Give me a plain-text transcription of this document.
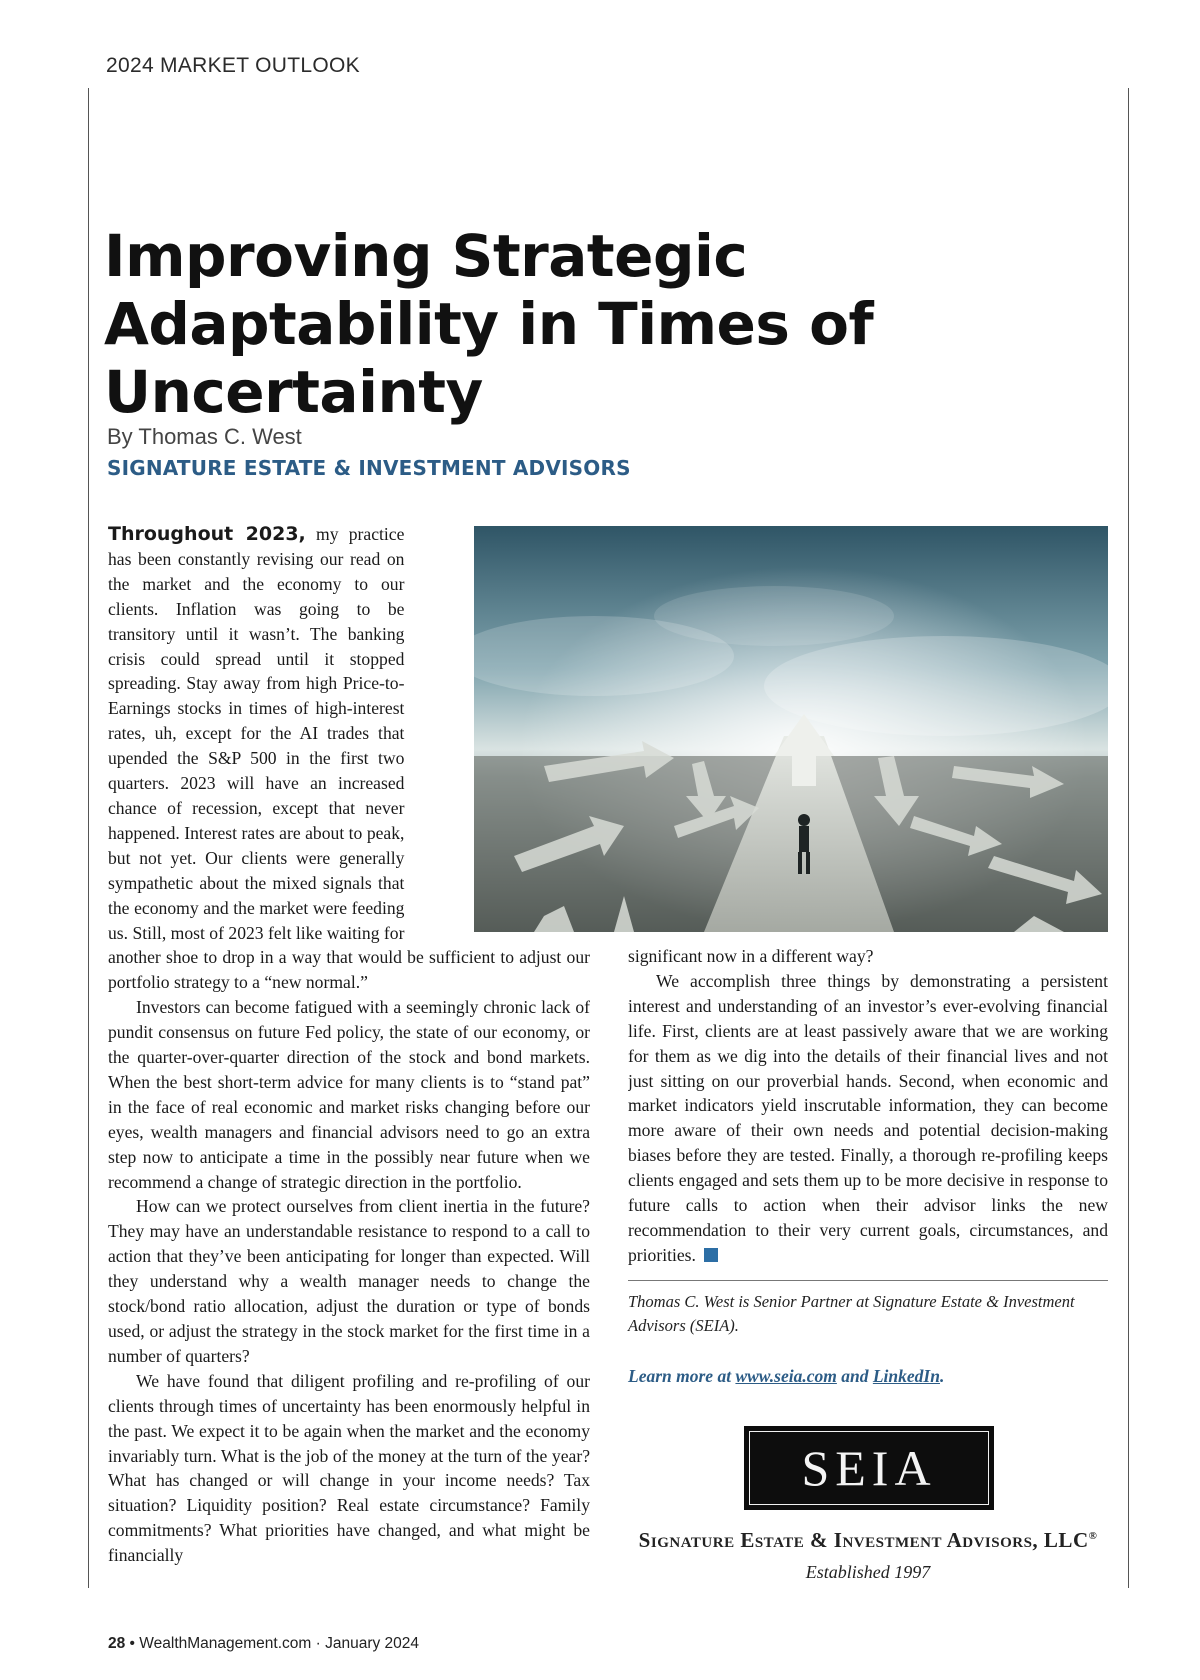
2024 MARKET OUTLOOK
Improving Strategic Adaptability in Times of Uncertainty
By Thomas C. West
SIGNATURE ESTATE & INVESTMENT ADVISORS

Throughout 2023, my practice has been constantly revising our read on the market and the economy to our clients. Inflation was going to be transitory until it wasn’t. The banking crisis could spread until it stopped spreading. Stay away from high Price-to-Earnings stocks in times of high-interest rates, uh, except for the AI trades that upended the S&P 500 in the first two quarters. 2023 will have an increased chance of recession, except that never happened. Interest rates are about to peak, but not yet. Our clients were generally sympathetic about the mixed signals that the economy and the market were feeding us. Still, most of 2023 felt like waiting for another shoe to drop in a way that would be sufficient to adjust our portfolio strategy to a “new normal.”

Investors can become fatigued with a seemingly chronic lack of pundit consensus on future Fed policy, the state of our economy, or the quarter-over-quarter direction of the stock and bond markets. When the best short-term advice for many clients is to “stand pat” in the face of real economic and market risks changing before our eyes, wealth managers and financial advisors need to go an extra step now to anticipate a time in the possibly near future when we recommend a change of strategic direction in the portfolio.

How can we protect ourselves from client inertia in the future? They may have an understandable resistance to respond to a call to action that they’ve been anticipating for longer than expected. Will they understand why a wealth manager needs to change the stock/bond ratio allocation, adjust the duration or type of bonds used, or adjust the strategy in the stock market for the first time in a number of quarters?

We have found that diligent profiling and re-profiling of our clients through times of uncertainty has been enormously helpful in the past. We expect it to be again when the market and the economy invariably turn. What is the job of the money at the turn of the year? What has changed or will change in your income needs? Tax situation? Liquidity position? Real estate circumstance? Family commitments? What priorities have changed, and what might be financially

significant now in a different way?

We accomplish three things by demonstrating a persistent interest and understanding of an investor’s ever-evolving financial life. First, clients are at least passively aware that we are working for them as we dig into the details of their financial lives and not just sitting on our proverbial hands. Second, when economic and market indicators yield inscrutable information, they can become more aware of their own needs and potential decision-making biases before they are tested. Finally, a thorough re-profiling keeps clients engaged and sets them up to be more decisive in response to future calls to action when their advisor links the new recommendation to their very current goals, circumstances, and priorities.

Thomas C. West is Senior Partner at Signature Estate & Investment Advisors (SEIA).
Learn more at www.seia.com and LinkedIn.
SEIA
Signature Estate & Investment Advisors, LLC®
Established 1997
28 • WealthManagement.com · January 2024
